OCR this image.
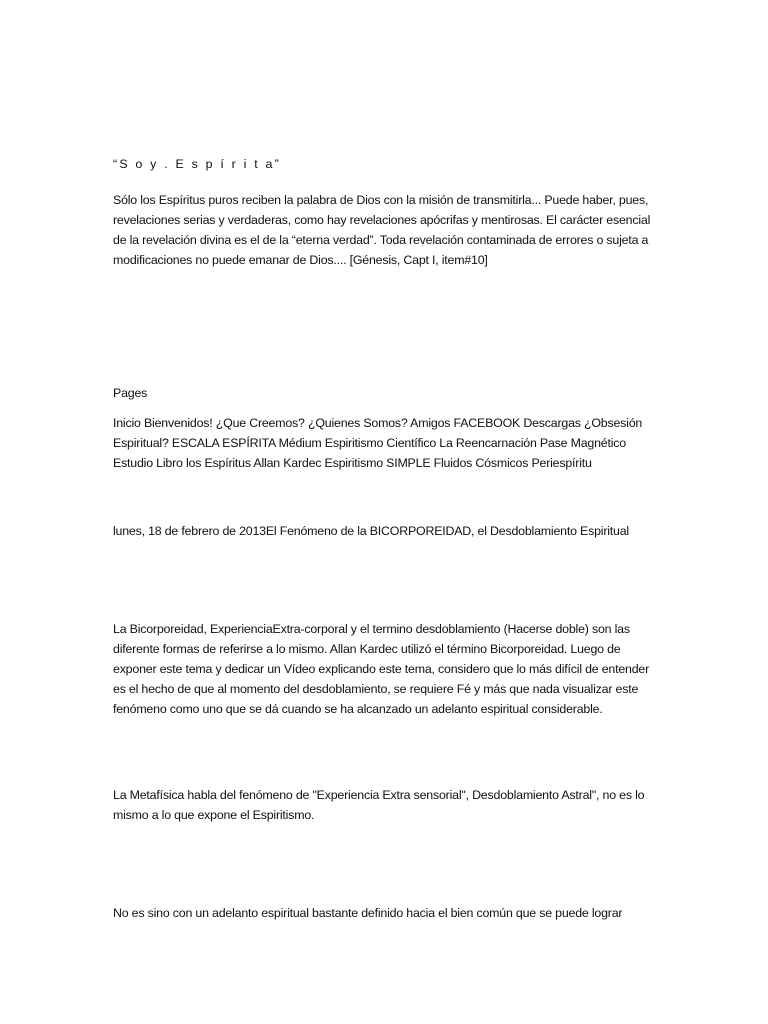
“S o y . E s p í r i t a”

Sólo los Espíritus puros reciben la palabra de Dios con la misión de transmitirla... Puede haber, pues, revelaciones serias y verdaderas, como hay revelaciones apócrifas y mentirosas. El carácter esencial de la revelación divina es el de la “eterna verdad”. Toda revelación contaminada de errores o sujeta a modificaciones no puede emanar de Dios.... [Génesis, Capt I, item#10]

Pages

Inicio Bienvenidos! ¿Que Creemos? ¿Quienes Somos? Amigos FACEBOOK Descargas ¿Obsesión Espiritual? ESCALA ESPÍRITA Médium Espiritismo Científico La Reencarnación Pase Magnético Estudio Libro los Espíritus Allan Kardec Espiritismo SIMPLE Fluidos Cósmicos Periespíritu

lunes, 18 de febrero de 2013El Fenómeno de la BICORPOREIDAD, el Desdoblamiento Espiritual

La Bicorporeidad, ExperienciaExtra-corporal y el termino desdoblamiento (Hacerse doble) son las diferente formas de referirse a lo mismo. Allan Kardec utilizó el término Bicorporeidad. Luego de exponer este tema y dedicar un Vídeo explicando este tema, considero que lo más difícil de entender es el hecho de que al momento del desdoblamiento, se requiere Fé y más que nada visualizar este fenómeno como uno que se dá cuando se ha alcanzado un adelanto espiritual considerable.

La Metafísica habla del fenómeno de "Experiencia Extra sensorial", Desdoblamiento Astral", no es lo mismo a lo que expone el Espiritismo.

No es sino con un adelanto espiritual bastante definido hacia el bien común que se puede lograr
